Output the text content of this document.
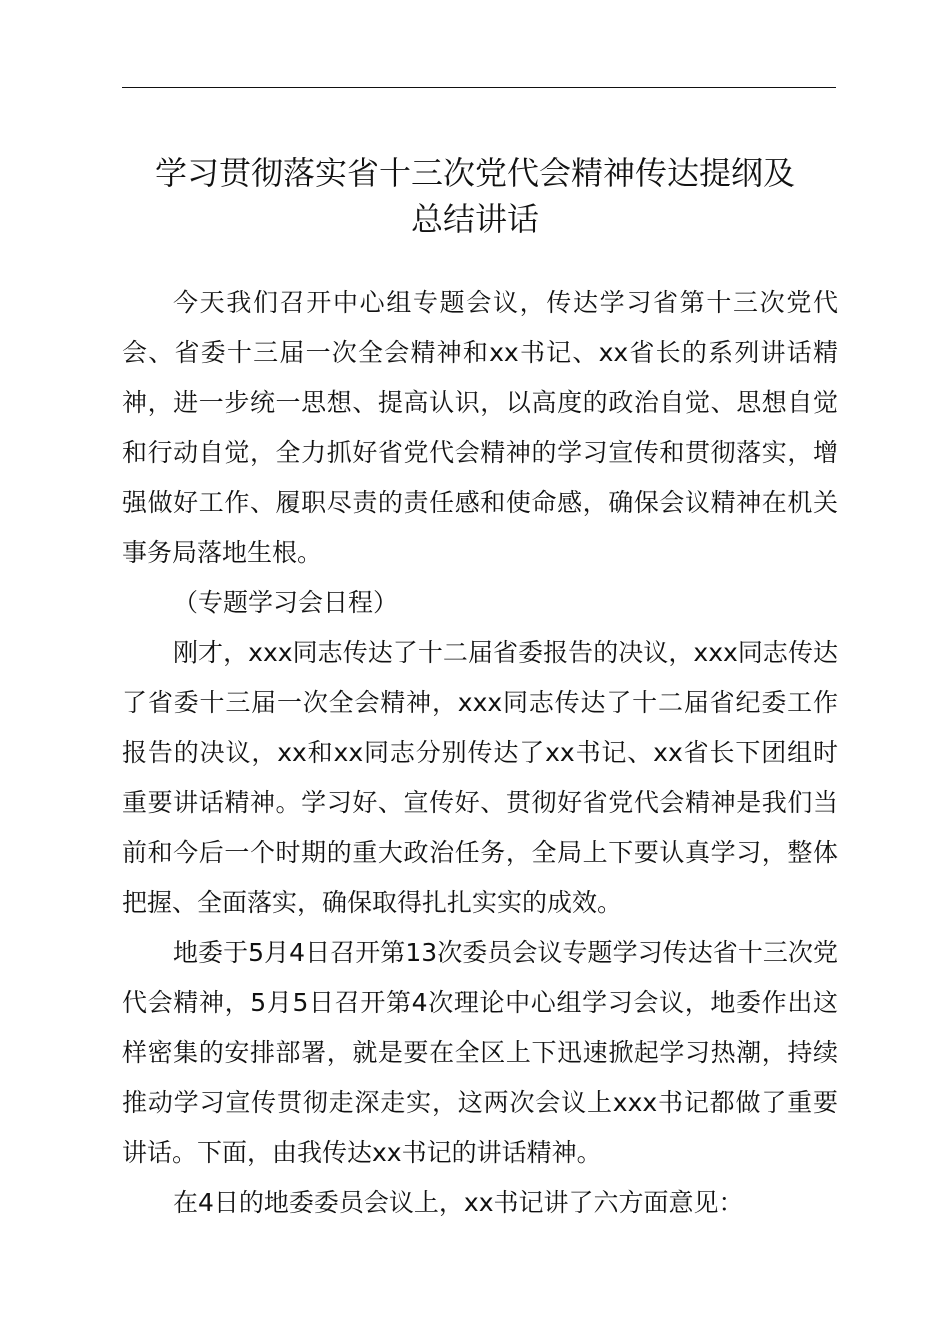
学习贯彻落实省十三次党代会精神传达提纲及
总结讲话

今天我们召开中心组专题会议，传达学习省第十三次党代会、省委十三届一次全会精神和xx书记、xx省长的系列讲话精神，进一步统一思想、提高认识，以高度的政治自觉、思想自觉和行动自觉，全力抓好省党代会精神的学习宣传和贯彻落实，增强做好工作、履职尽责的责任感和使命感，确保会议精神在机关事务局落地生根。

（专题学习会日程）

刚才，xxx同志传达了十二届省委报告的决议，xxx同志传达了省委十三届一次全会精神，xxx同志传达了十二届省纪委工作报告的决议，xx和xx同志分别传达了xx书记、xx省长下团组时重要讲话精神。学习好、宣传好、贯彻好省党代会精神是我们当前和今后一个时期的重大政治任务，全局上下要认真学习，整体把握、全面落实，确保取得扎扎实实的成效。

地委于5月4日召开第13次委员会议专题学习传达省十三次党代会精神，5月5日召开第4次理论中心组学习会议，地委作出这样密集的安排部署，就是要在全区上下迅速掀起学习热潮，持续推动学习宣传贯彻走深走实，这两次会议上xxx书记都做了重要讲话。下面，由我传达xx书记的讲话精神。

在4日的地委委员会议上，xx书记讲了六方面意见：
